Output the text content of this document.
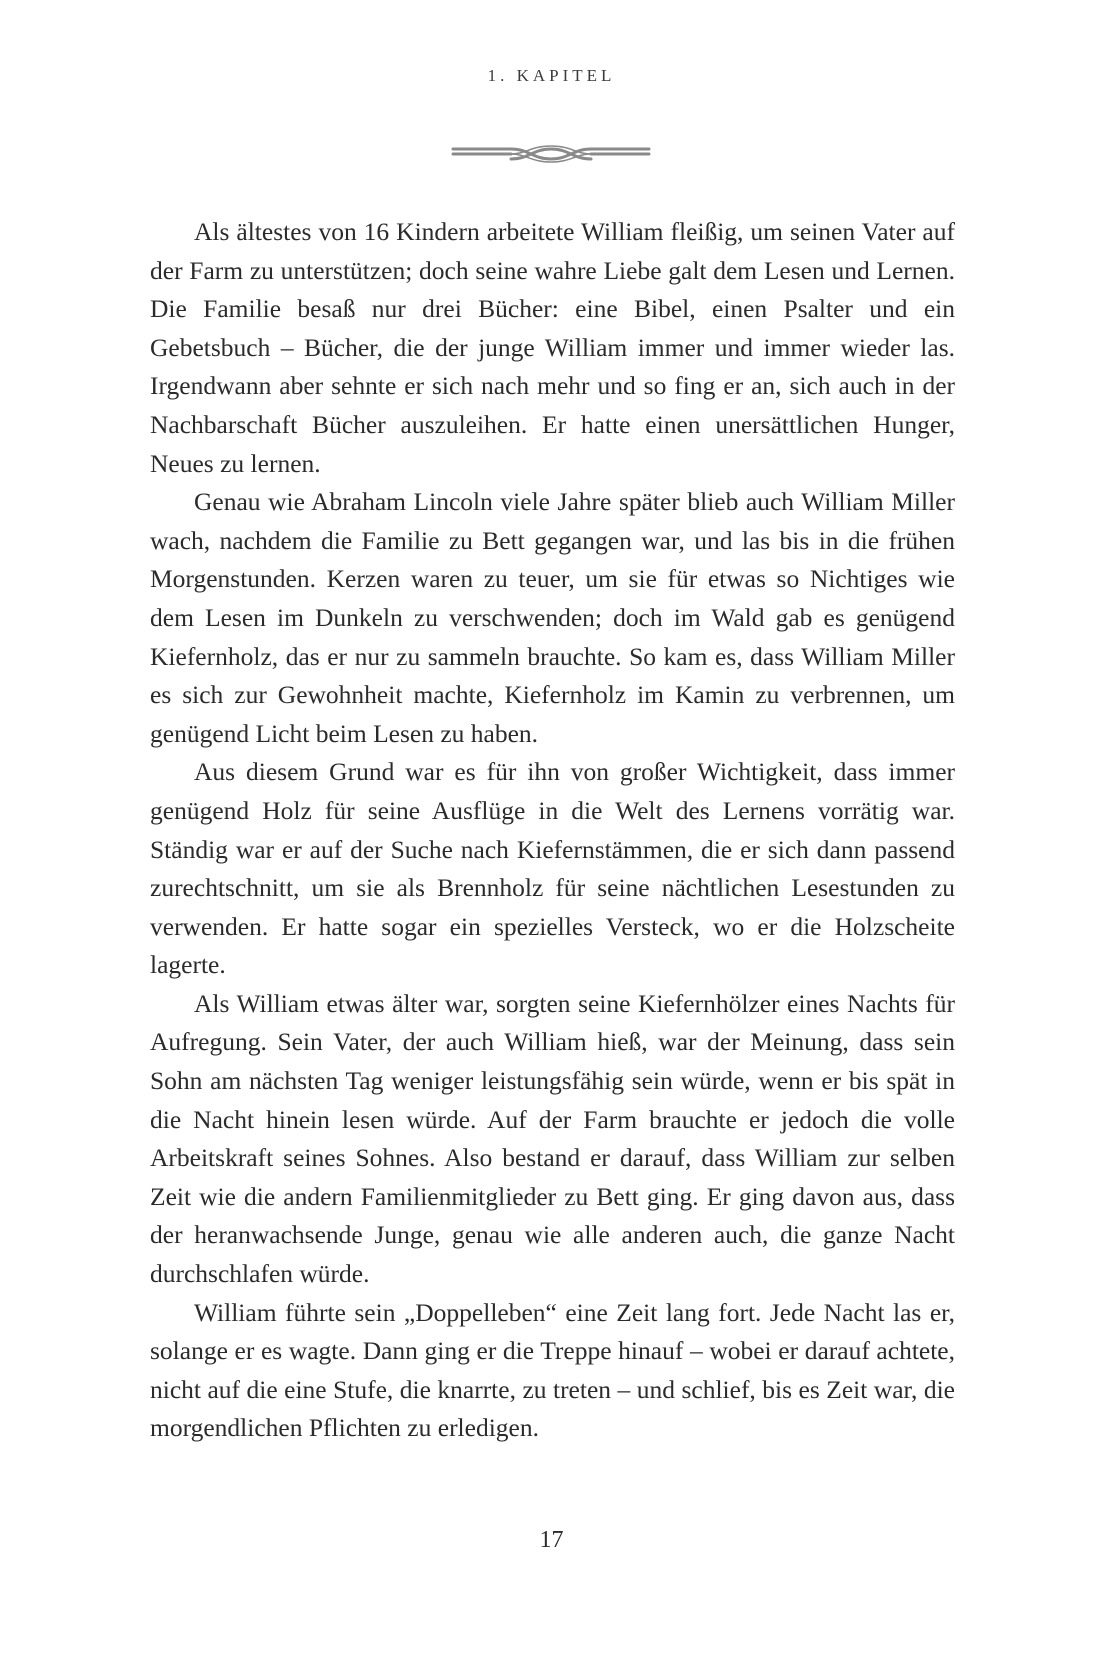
1. KAPITEL

Als ältestes von 16 Kindern arbeitete William fleißig, um seinen Vater auf der Farm zu unterstützen; doch seine wahre Liebe galt dem Lesen und Lernen. Die Familie besaß nur drei Bücher: eine Bibel, einen Psalter und ein Gebetsbuch – Bücher, die der junge William immer und immer wieder las. Irgendwann aber sehnte er sich nach mehr und so fing er an, sich auch in der Nachbarschaft Bücher auszuleihen. Er hatte einen unersättlichen Hunger, Neues zu lernen.

Genau wie Abraham Lincoln viele Jahre später blieb auch William Miller wach, nachdem die Familie zu Bett gegangen war, und las bis in die frühen Morgenstunden. Kerzen waren zu teuer, um sie für etwas so Nichtiges wie dem Lesen im Dunkeln zu verschwenden; doch im Wald gab es genügend Kiefernholz, das er nur zu sammeln brauchte. So kam es, dass William Miller es sich zur Gewohnheit machte, Kiefernholz im Kamin zu verbrennen, um genügend Licht beim Lesen zu haben.

Aus diesem Grund war es für ihn von großer Wichtigkeit, dass immer genügend Holz für seine Ausflüge in die Welt des Lernens vorrätig war. Ständig war er auf der Suche nach Kiefernstämmen, die er sich dann passend zurechtschnitt, um sie als Brennholz für seine nächtlichen Lesestunden zu verwenden. Er hatte sogar ein spezielles Versteck, wo er die Holzscheite lagerte.

Als William etwas älter war, sorgten seine Kiefernhölzer eines Nachts für Aufregung. Sein Vater, der auch William hieß, war der Meinung, dass sein Sohn am nächsten Tag weniger leistungsfähig sein würde, wenn er bis spät in die Nacht hinein lesen würde. Auf der Farm brauchte er jedoch die volle Arbeitskraft seines Sohnes. Also bestand er darauf, dass William zur selben Zeit wie die andern Familienmitglieder zu Bett ging. Er ging davon aus, dass der heranwachsende Junge, genau wie alle anderen auch, die ganze Nacht durchschlafen würde.

William führte sein „Doppelleben“ eine Zeit lang fort. Jede Nacht las er, solange er es wagte. Dann ging er die Treppe hinauf – wobei er darauf achtete, nicht auf die eine Stufe, die knarrte, zu treten – und schlief, bis es Zeit war, die morgendlichen Pflichten zu erledigen.

17
